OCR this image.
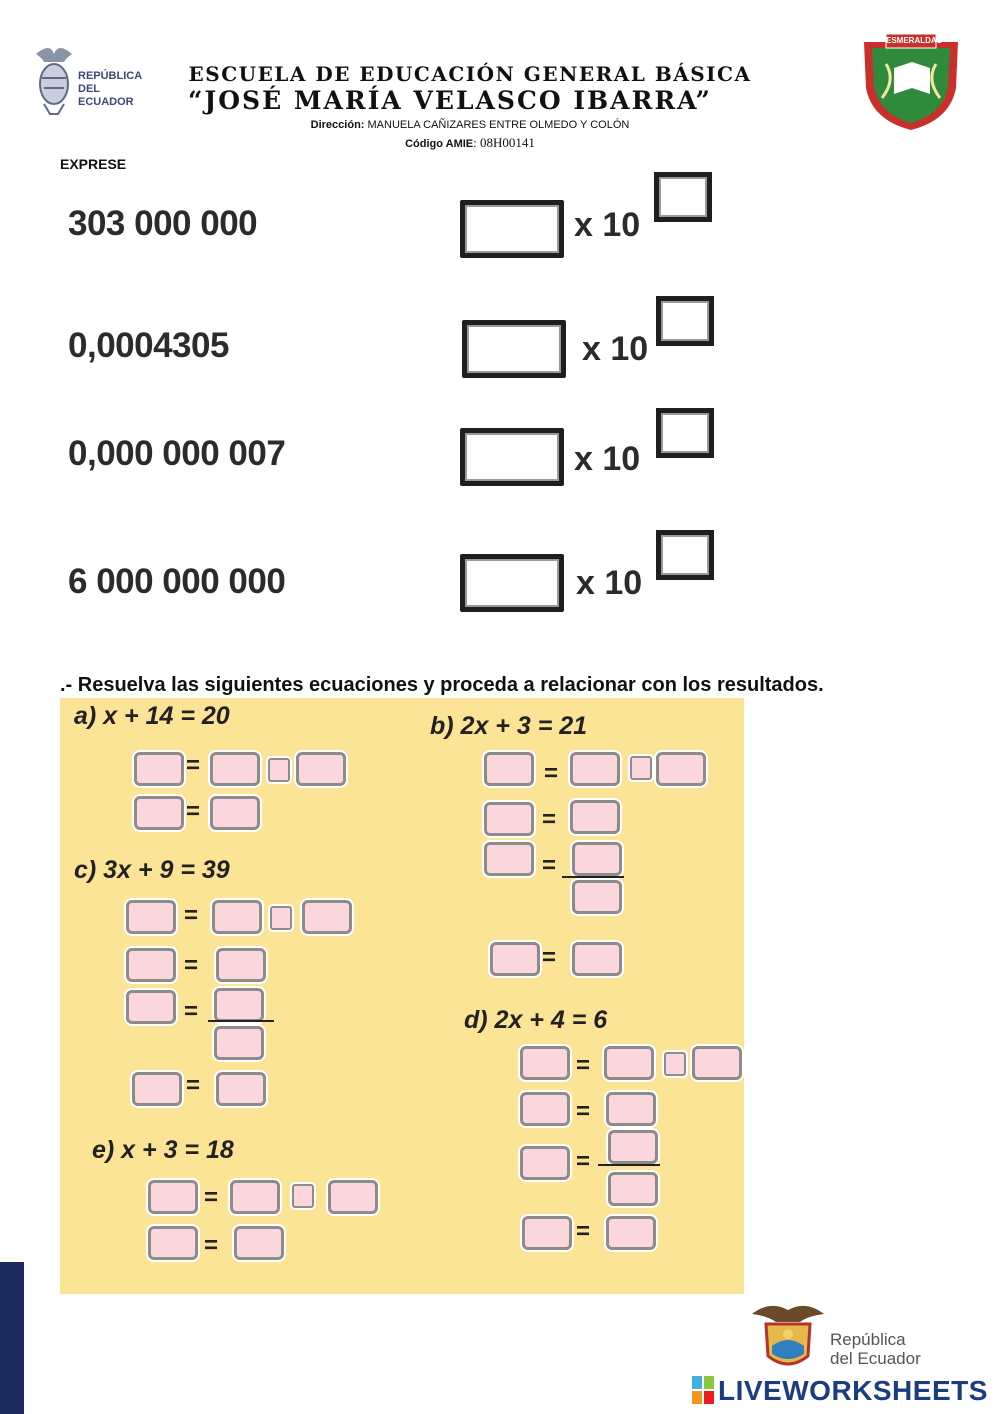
REPÚBLICA
DEL ECUADOR
ESCUELA DE EDUCACIÓN GENERAL BÁSICA
“JOSÉ MARÍA VELASCO IBARRA”
Dirección: MANUELA CAÑIZARES ENTRE OLMEDO Y COLÓN
Código AMIE: 08H00141
ESMERALDAS
EXPRESE
303 000 000	x 10
0,0004305	x 10
0,000 000 007	x 10
6 000 000 000	x 10
.- Resuelva las siguientes ecuaciones y proceda a relacionar con los resultados.
a) x + 14 = 20
=
=
b) 2x + 3 = 21
=
=
=
=
c) 3x + 9 = 39
=
=
=
=
d) 2x + 4 = 6
=
=
=
=
e) x + 3 = 18
=
=
República
del Ecuador
LIVEWORKSHEETS
